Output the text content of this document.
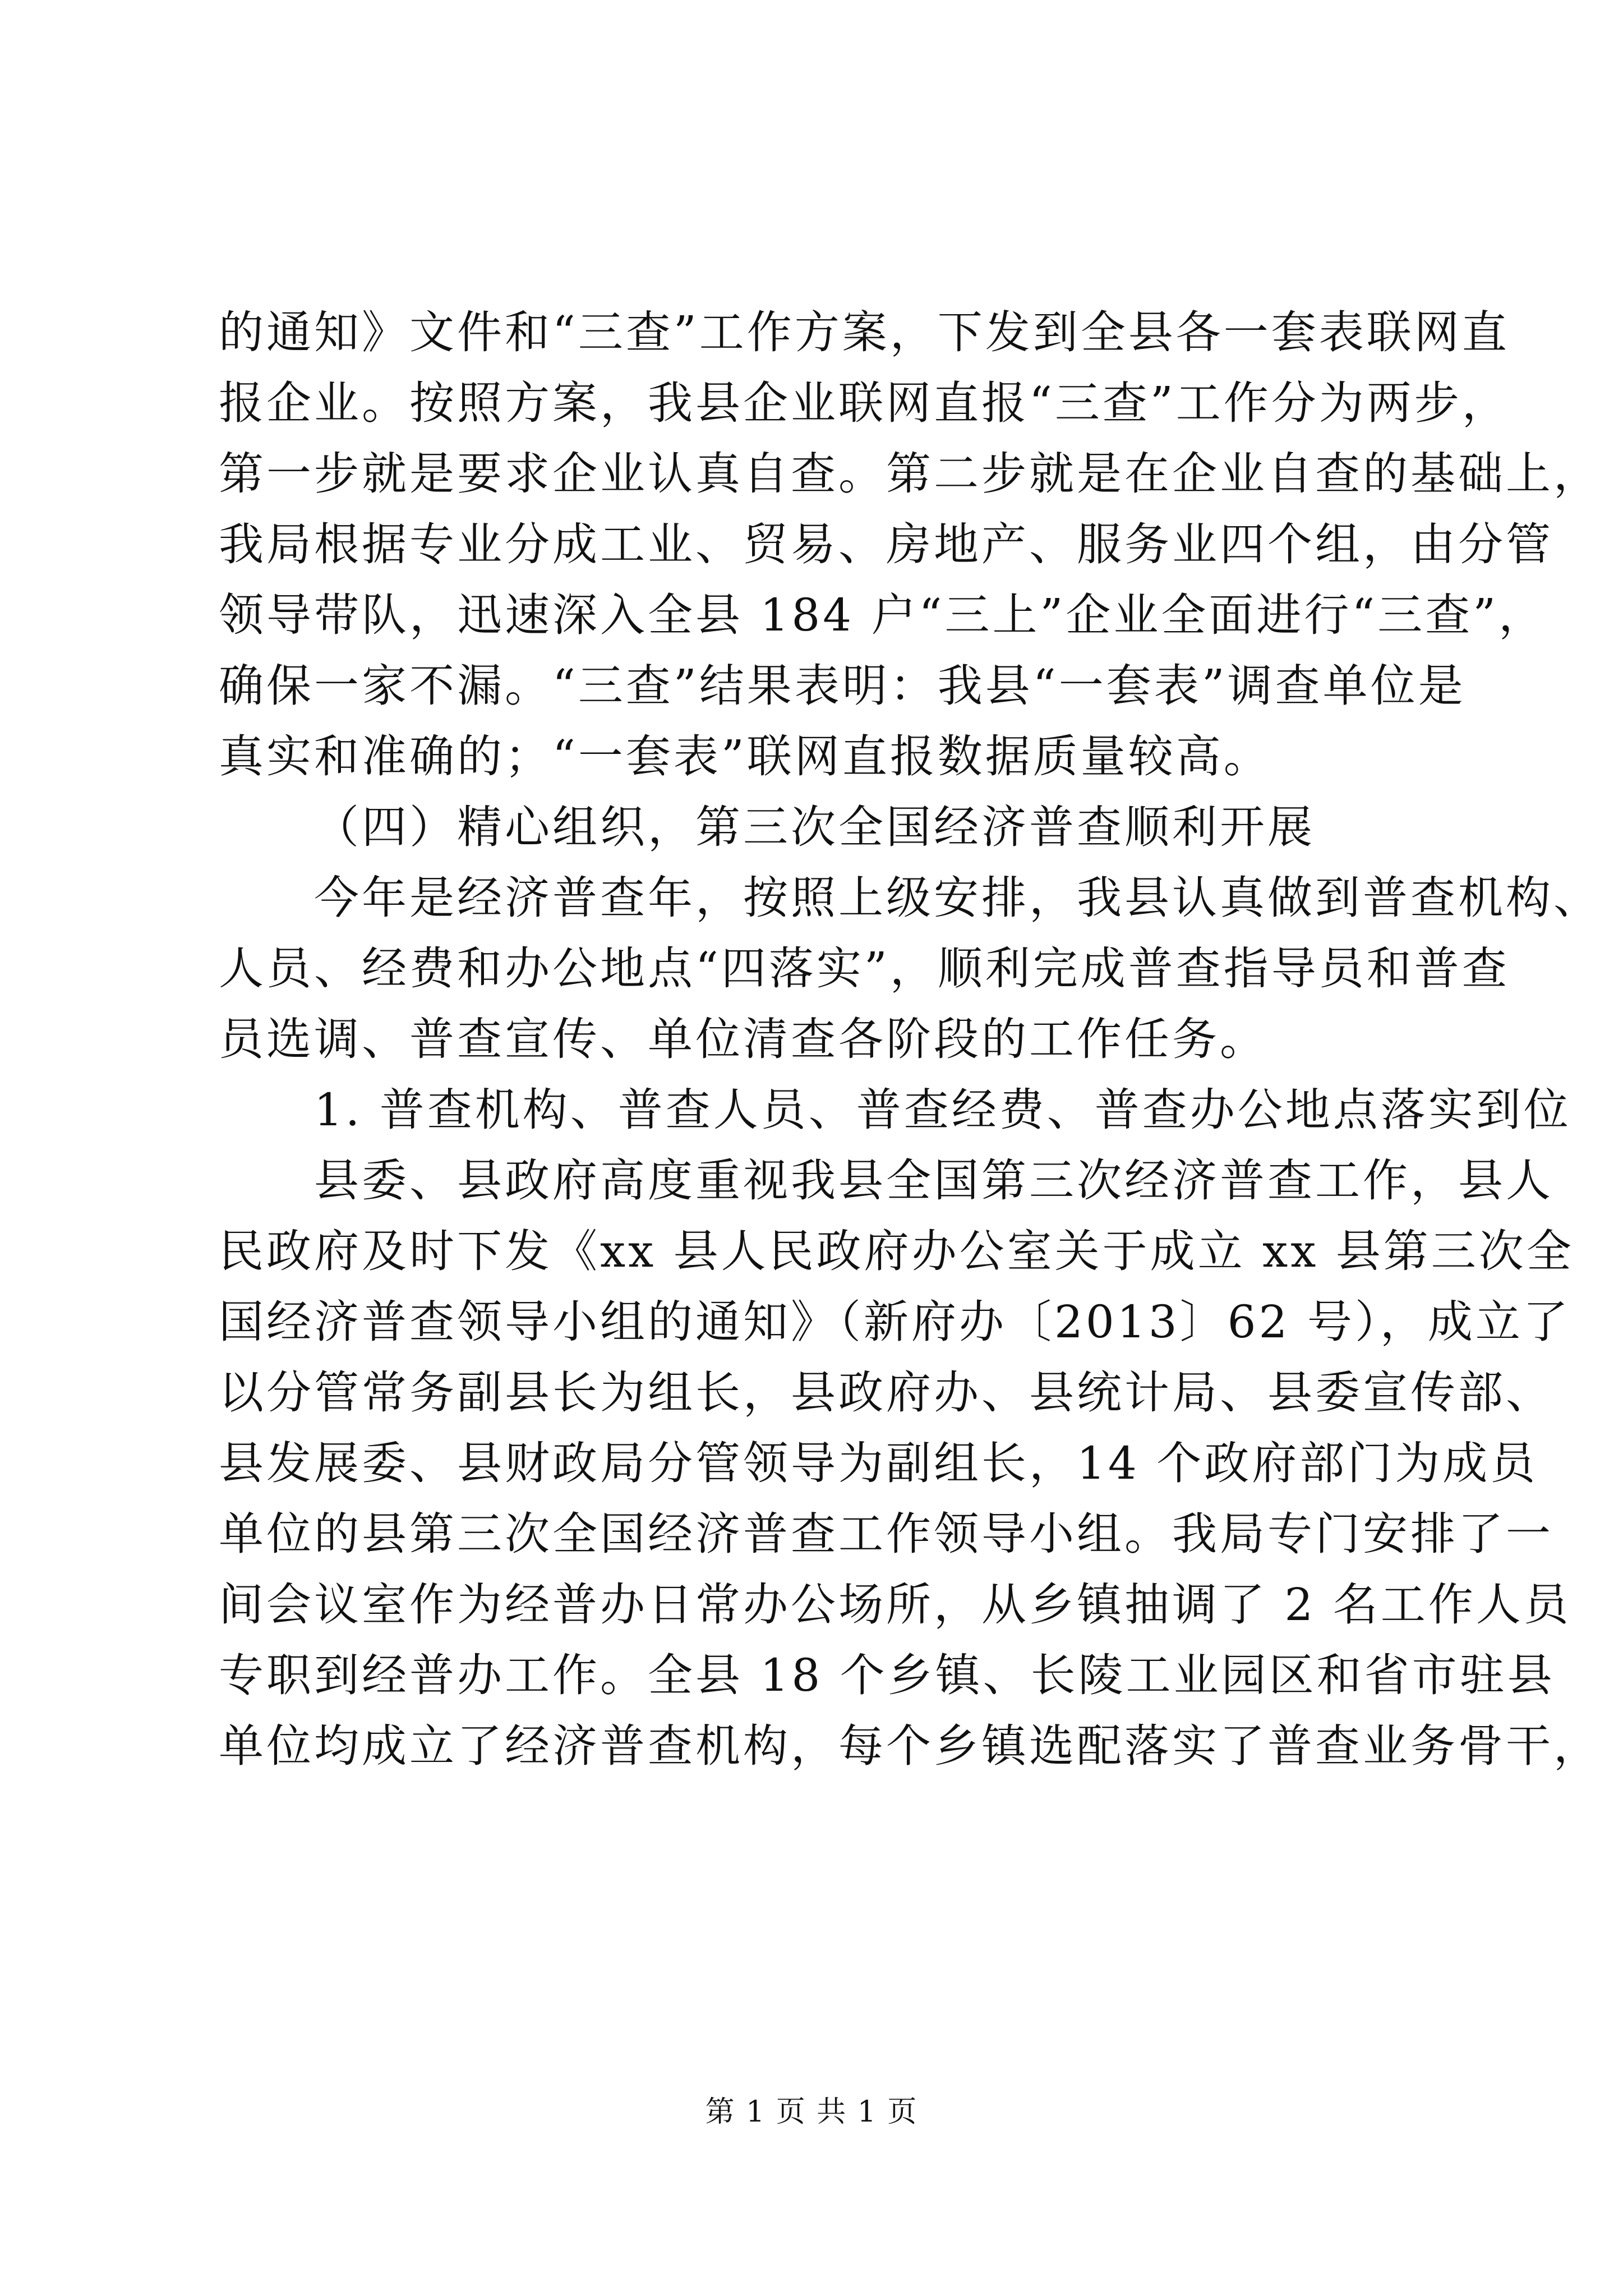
的通知》文件和“三查”工作方案，下发到全县各一套表联网直
报企业。按照方案，我县企业联网直报“三查”工作分为两步，
第一步就是要求企业认真自查。第二步就是在企业自查的基础上，
我局根据专业分成工业、贸易、房地产、服务业四个组，由分管
领导带队，迅速深入全县 184 户“三上”企业全面进行“三查”，
确保一家不漏。“三查”结果表明：我县“一套表”调查单位是
真实和准确的；“一套表”联网直报数据质量较高。
（四）精心组织，第三次全国经济普查顺利开展
今年是经济普查年，按照上级安排，我县认真做到普查机构、
人员、经费和办公地点“四落实”，顺利完成普查指导员和普查
员选调、普查宣传、单位清查各阶段的工作任务。
1. 普查机构、普查人员、普查经费、普查办公地点落实到位
县委、县政府高度重视我县全国第三次经济普查工作，县人
民政府及时下发《xx 县人民政府办公室关于成立 xx 县第三次全
国经济普查领导小组的通知》（新府办〔2013〕62 号），成立了
以分管常务副县长为组长，县政府办、县统计局、县委宣传部、
县发展委、县财政局分管领导为副组长，14 个政府部门为成员
单位的县第三次全国经济普查工作领导小组。我局专门安排了一
间会议室作为经普办日常办公场所，从乡镇抽调了 2 名工作人员
专职到经普办工作。全县 18 个乡镇、长陵工业园区和省市驻县
单位均成立了经济普查机构，每个乡镇选配落实了普查业务骨干，
第 1 页 共 1 页
